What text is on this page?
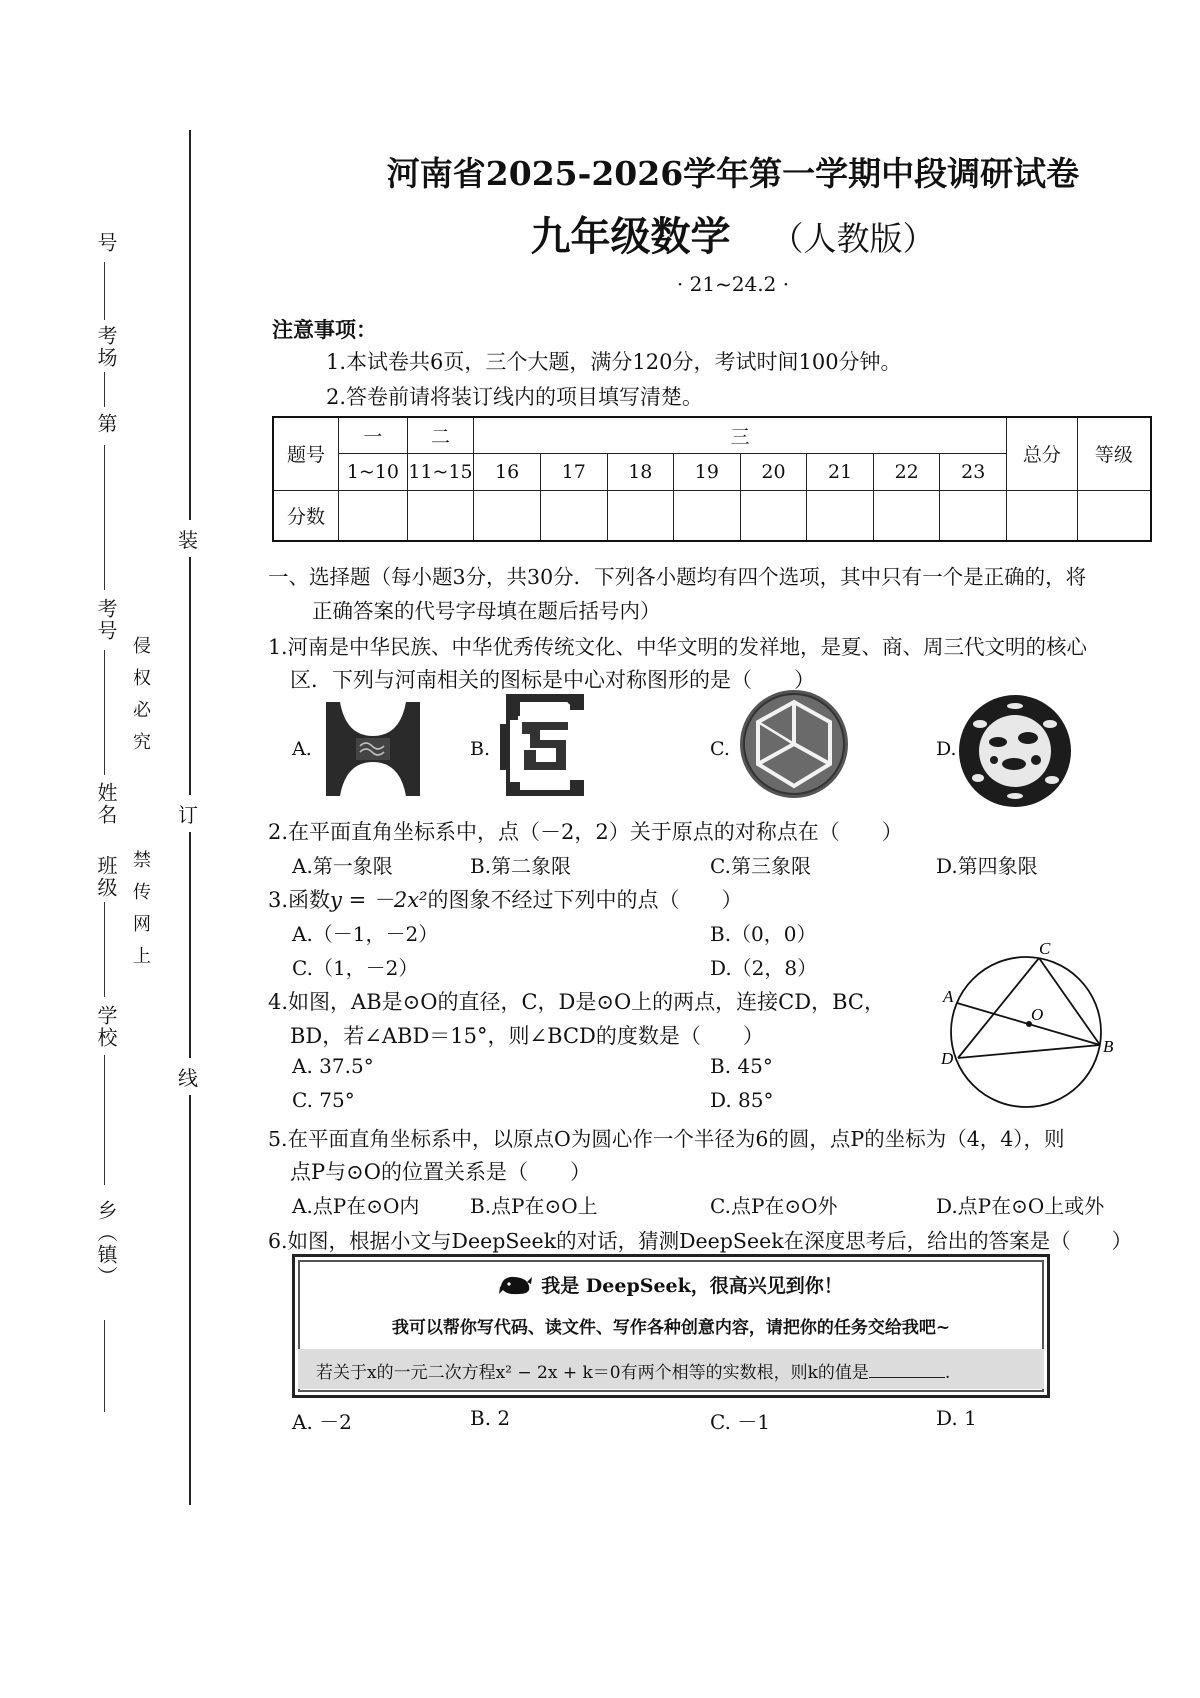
装
订
线
侵权必究
禁传网上
乡（镇）
学校
班级
姓名
考号
第
考场
号
河南省2025-2026学年第一学期中段调研试卷
九年级数学 （人教版）
· 21~24.2 ·
注意事项：
1.本试卷共6页，三个大题，满分120分，考试时间100分钟。
2.答卷前请将装订线内的项目填写清楚。
题号	一	二	三								总分	等级
	1~10	11~15	16	17	18	19	20	21	22	23		
分数												
一、选择题（每小题3分，共30分．下列各小题均有四个选项，其中只有一个是正确的，将
正确答案的代号字母填在题后括号内）
1.河南是中华民族、中华优秀传统文化、中华文明的发祥地，是夏、商、周三代文明的核心
区．下列与河南相关的图标是中心对称图形的是（　　）
A.	B.	C.	D.
2.在平面直角坐标系中，点（－2，2）关于原点的对称点在（　　）
A.第一象限	B.第二象限	C.第三象限	D.第四象限
3.函数y = －2x²的图象不经过下列中的点（　　）
A.（－1，－2）	B.（0，0）
C.（1，－2）	D.（2，8）
4.如图，AB是⊙O的直径，C，D是⊙O上的两点，连接CD，BC，
BD，若∠ABD＝15°，则∠BCD的度数是（　　）
A. 37.5°	B. 45°
C. 75°	D. 85°
C
A
O
D
B
5.在平面直角坐标系中，以原点O为圆心作一个半径为6的圆，点P的坐标为（4，4），则
点P与⊙O的位置关系是（　　）
A.点P在⊙O内	B.点P在⊙O上	C.点P在⊙O外	D.点P在⊙O上或外
6.如图，根据小文与DeepSeek的对话，猜测DeepSeek在深度思考后，给出的答案是（　　）
我是 DeepSeek，很高兴见到你！
我可以帮你写代码、读文件、写作各种创意内容，请把你的任务交给我吧~
若关于x的一元二次方程x² − 2x + k＝0有两个相等的实数根，则k的值是	.
A. －2	B. 2	C. －1	D. 1
